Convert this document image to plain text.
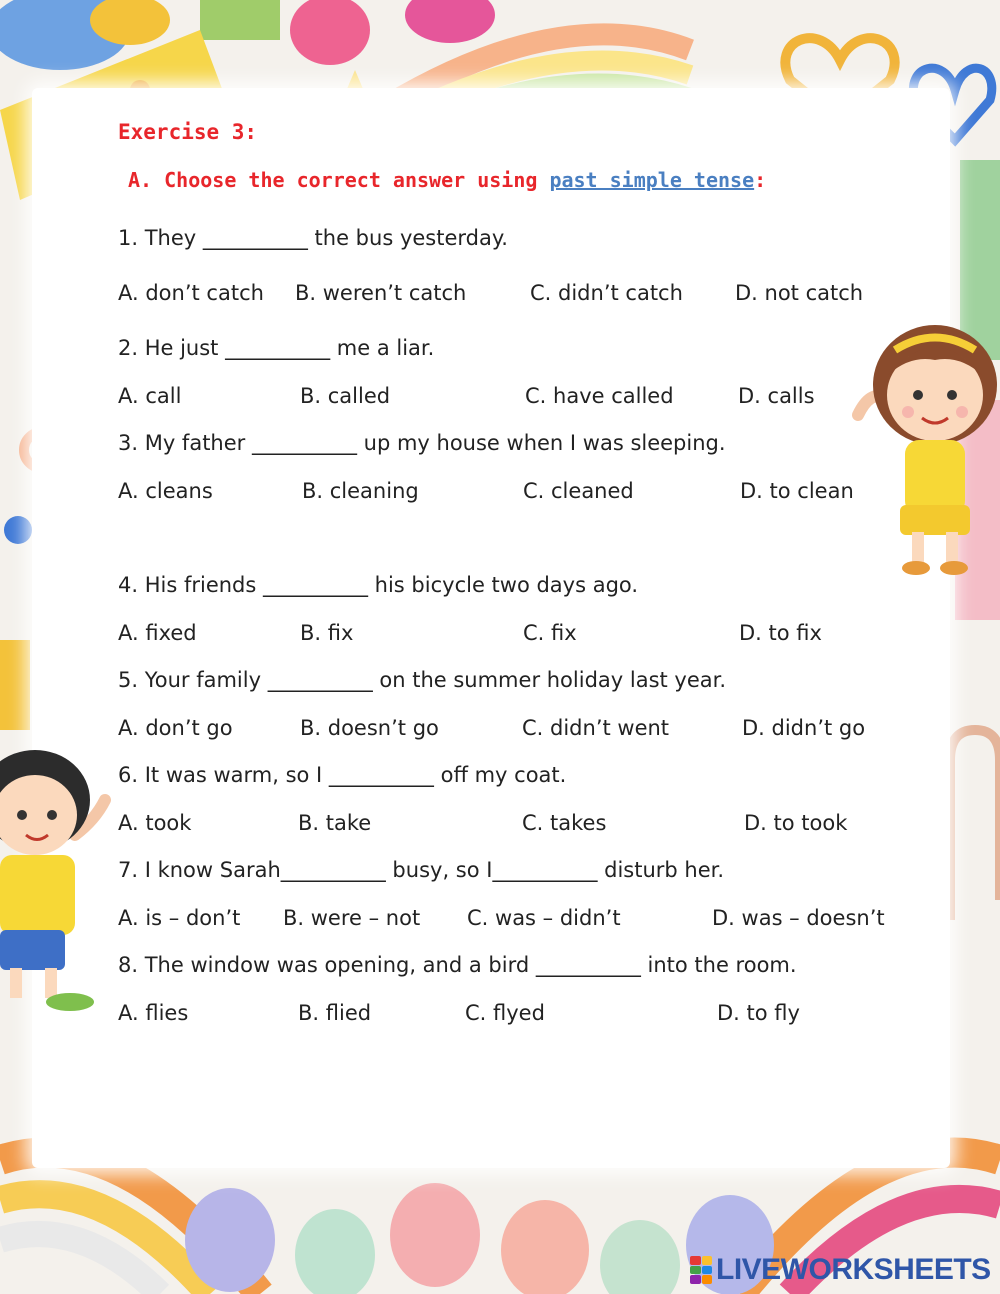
Exercise 3:
A. Choose the correct answer using past simple tense:
1. They __________ the bus yesterday.
A. don’t catch B. weren’t catch	C. didn’t catch D. not catch
2. He just __________ me a liar.
A. call	B. called	C. have called	D. calls
3. My father __________ up my house when I was sleeping.
A. cleans	B. cleaning	C. cleaned	D. to clean
4. His friends __________ his bicycle two days ago.
A. fixed	B. fix	C. fix	D. to fix
5. Your family __________ on the summer holiday last year.
A. don’t go	B. doesn’t go	C. didn’t went	D. didn’t go
6. It was warm, so I __________ off my coat.
A. took	B. take	C. takes	D. to took
7. I know Sarah__________ busy, so I__________ disturb her.
A. is – don’t B. were – not C. was – didn’t	D. was – doesn’t
8. The window was opening, and a bird __________ into the room.
A. flies	B. flied	C. flyed	D. to fly
LIVEWORKSHEETS
